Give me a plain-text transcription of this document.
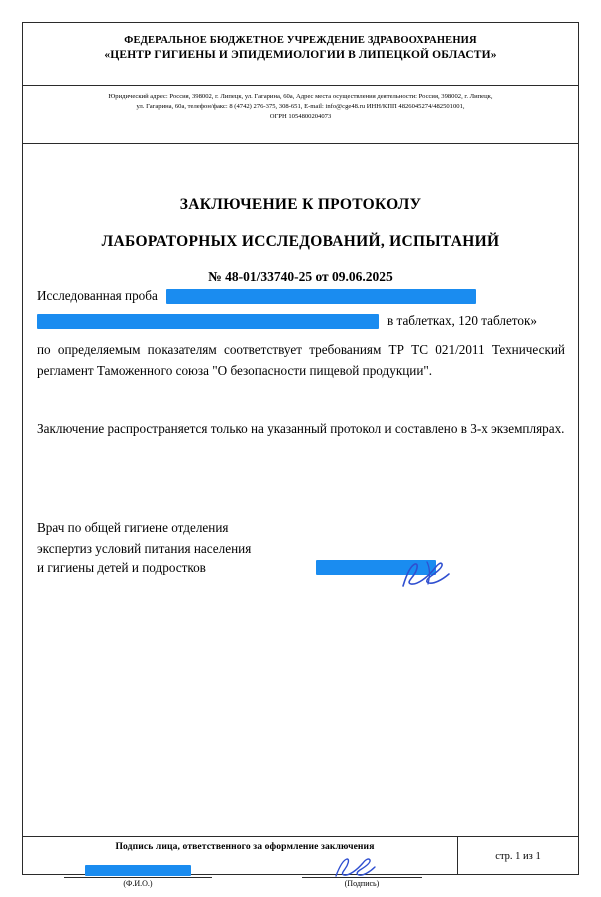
ФЕДЕРАЛЬНОЕ БЮДЖЕТНОЕ УЧРЕЖДЕНИЕ ЗДРАВООХРАНЕНИЯ
«ЦЕНТР ГИГИЕНЫ И ЭПИДЕМИОЛОГИИ В ЛИПЕЦКОЙ ОБЛАСТИ»
Юридический адрес: Россия, 398002, г. Липецк, ул. Гагарина, 60а, Адрес места осуществления деятельности: Россия, 398002, г. Липецк,
ул. Гагарина, 60а, телефон/факс: 8 (4742) 276-375, 308-651, E-mail: info@cge48.ru ИНН/КПП 4826045274/482501001,
ОГРН 1054800204073
ЗАКЛЮЧЕНИЕ К ПРОТОКОЛУ
ЛАБОРАТОРНЫХ ИССЛЕДОВАНИЙ, ИСПЫТАНИЙ
№ 48-01/33740-25 от 09.06.2025
Исследованная проба
в таблетках, 120 таблеток»

по определяемым показателям соответствует требованиям ТР ТС 021/2011 Технический регламент Таможенного союза "О безопасности пищевой продукции".

Заключение распространяется только на указанный протокол и составлено в 3-х экземплярах.

Врач по общей гигиене отделения
экспертиз условий питания населения
и гигиены детей и подростков
Подпись лица, ответственного за оформление заключения
(Ф.И.О.)	(Подпись)
стр. 1 из 1
